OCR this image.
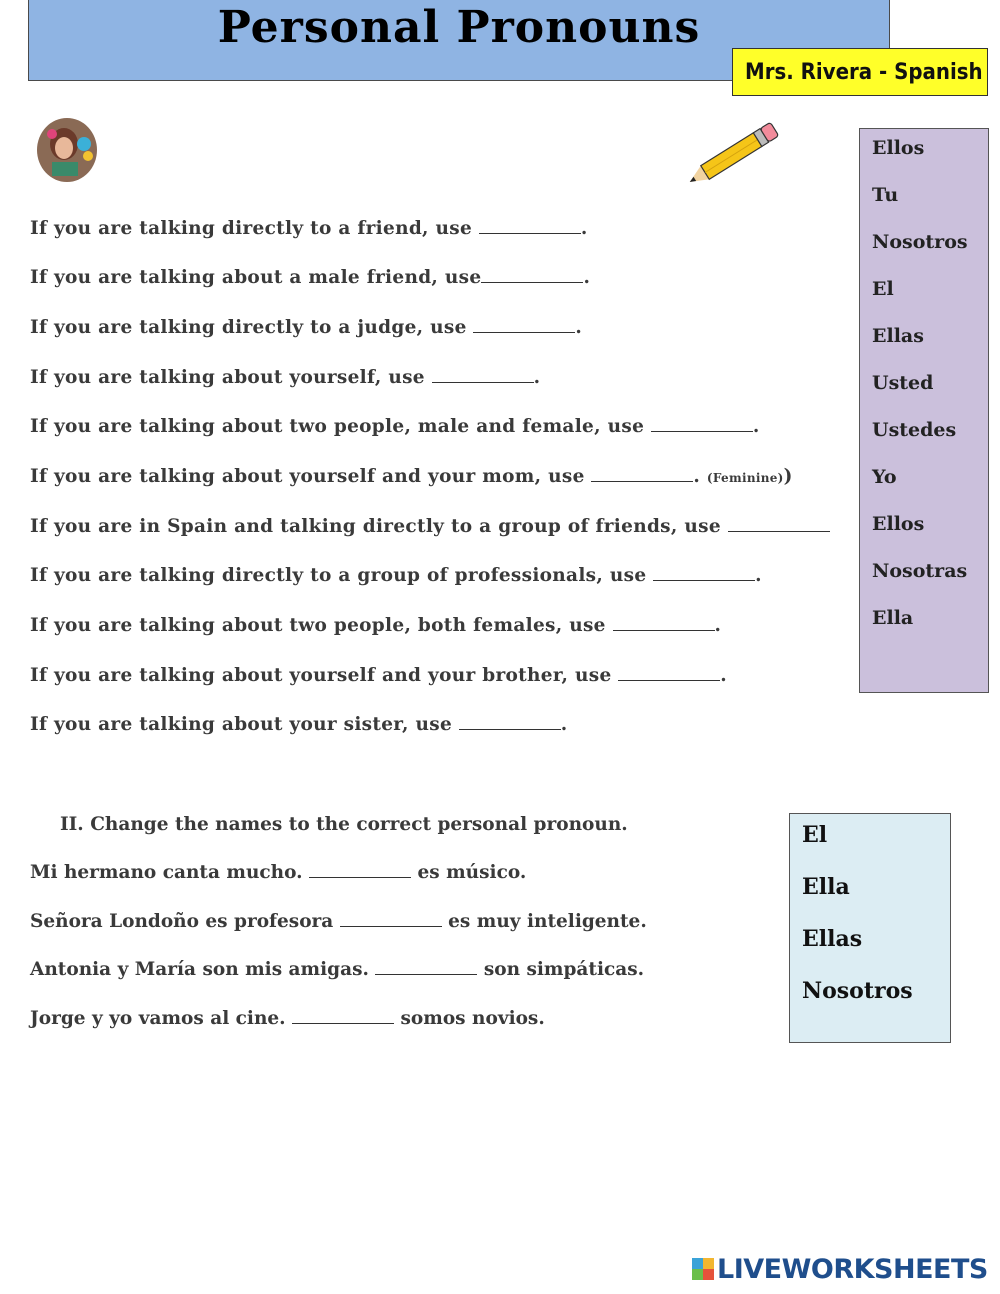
Personal Pronouns
Mrs. Rivera - Spanish
If you are talking directly to a friend, use	.
If you are talking about a male friend, use	.
If you are talking directly to a judge, use	.
If you are talking about yourself, use	.
If you are talking about two people, male and female, use	.
If you are talking about yourself and your mom, use	. (Feminine))
If you are in Spain and talking directly to a group of friends, use
If you are talking directly to a group of professionals, use	.
If you are talking about two people, both females, use	.
If you are talking about yourself and your brother, use	.
If you are talking about your sister, use	.
Ellos
Tu
Nosotros
El
Ellas
Usted
Ustedes
Yo
Ellos
Nosotras
Ella
II. Change the names to the correct personal pronoun.
Mi hermano canta mucho.	es músico.
Señora Londoño es profesora	es muy inteligente.
Antonia y María son mis amigas.	son simpáticas.
Jorge y yo vamos al cine.	somos novios.
El
Ella
Ellas
Nosotros
LIVEWORKSHEETS
